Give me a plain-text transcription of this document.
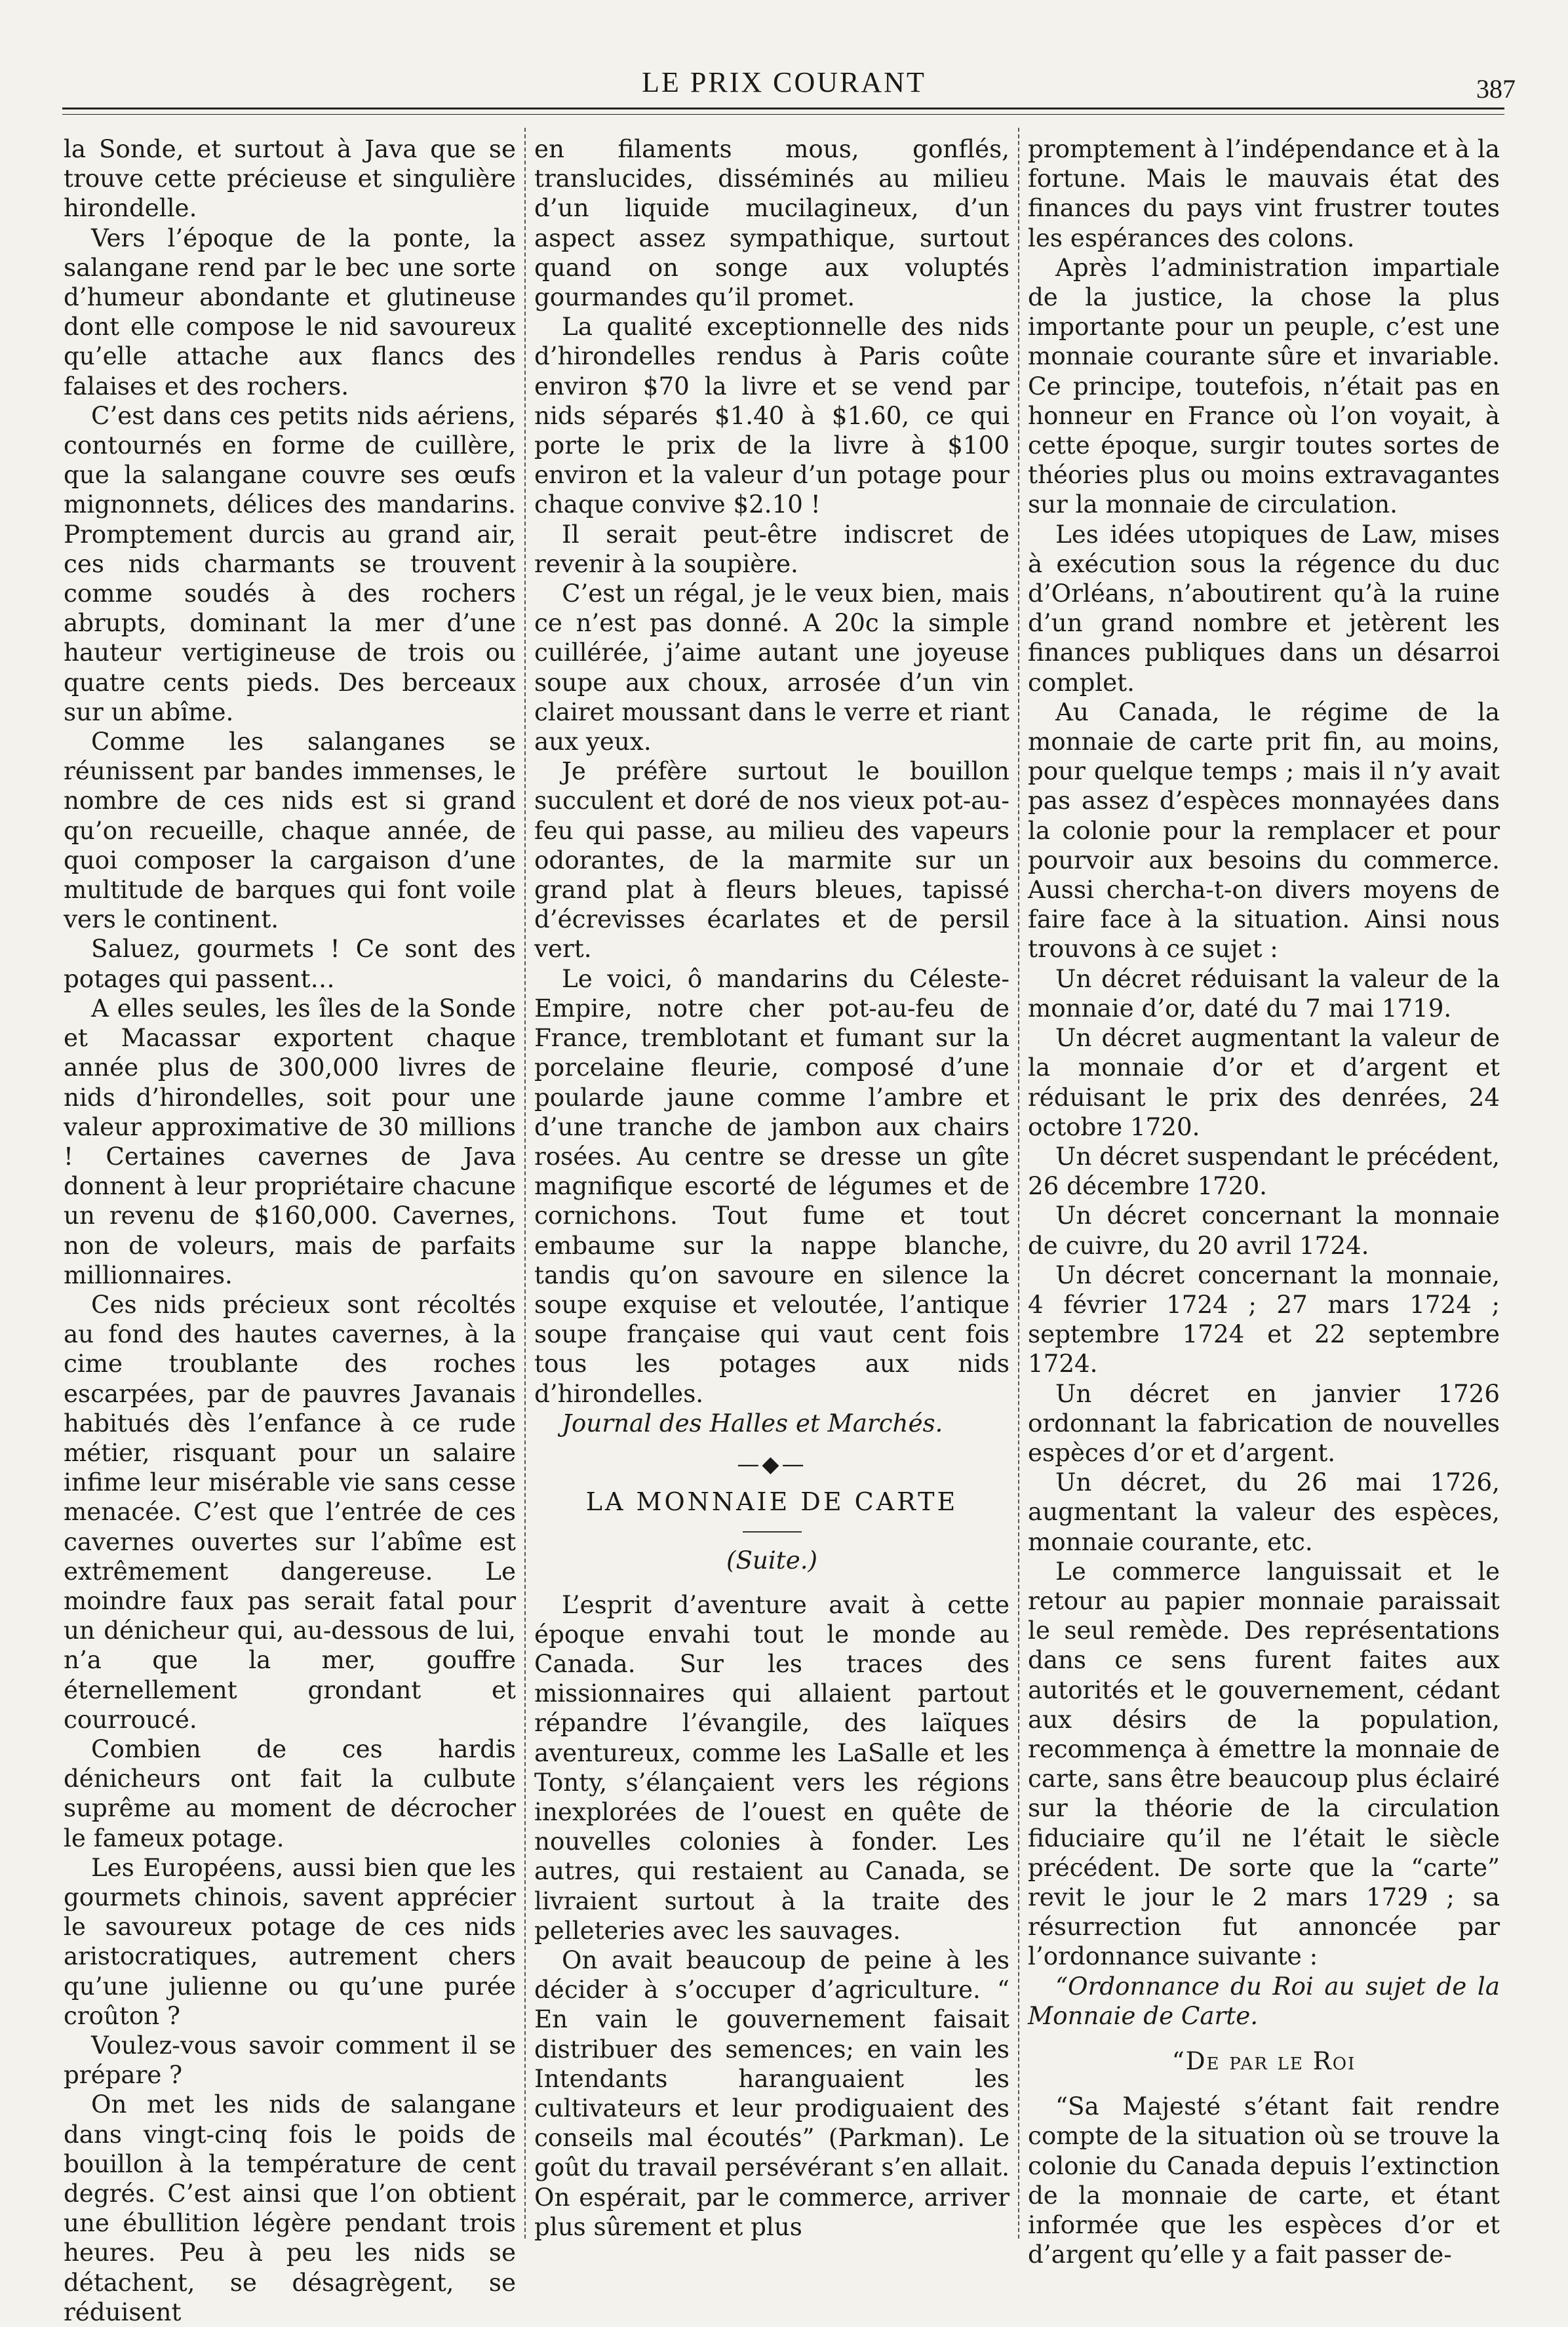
LE PRIX COURANT	387

la Sonde, et surtout à Java que se trouve cette précieuse et singulière hirondelle.

Vers l’époque de la ponte, la salangane rend par le bec une sorte d’humeur abondante et glutineuse dont elle compose le nid savoureux qu’elle attache aux flancs des falaises et des rochers.

C’est dans ces petits nids aériens, contournés en forme de cuillère, que la salangane couvre ses œufs mignonnets, délices des mandarins. Promptement durcis au grand air, ces nids charmants se trouvent comme soudés à des rochers abrupts, dominant la mer d’une hauteur vertigineuse de trois ou quatre cents pieds. Des berceaux sur un abîme.

Comme les salanganes se réunissent par bandes immenses, le nombre de ces nids est si grand qu’on recueille, chaque année, de quoi composer la cargaison d’une multitude de barques qui font voile vers le continent.

Saluez, gourmets ! Ce sont des potages qui passent…

A elles seules, les îles de la Sonde et Macassar exportent chaque année plus de 300,000 livres de nids d’hirondelles, soit pour une valeur approximative de 30 millions ! Certaines cavernes de Java donnent à leur propriétaire chacune un revenu de $160,000. Cavernes, non de voleurs, mais de parfaits millionnaires.

Ces nids précieux sont récoltés au fond des hautes cavernes, à la cime troublante des roches escarpées, par de pauvres Javanais habitués dès l’enfance à ce rude métier, risquant pour un salaire infime leur misérable vie sans cesse menacée. C’est que l’entrée de ces cavernes ouvertes sur l’abîme est extrêmement dangereuse. Le moindre faux pas serait fatal pour un dénicheur qui, au-dessous de lui, n’a que la mer, gouffre éternellement grondant et courroucé.

Combien de ces hardis dénicheurs ont fait la culbute suprême au moment de décrocher le fameux potage.

Les Européens, aussi bien que les gourmets chinois, savent apprécier le savoureux potage de ces nids aristocratiques, autrement chers qu’une julienne ou qu’une purée croûton ?

Voulez-vous savoir comment il se prépare ?

On met les nids de salangane dans vingt-cinq fois le poids de bouillon à la température de cent degrés. C’est ainsi que l’on obtient une ébullition légère pendant trois heures. Peu à peu les nids se détachent, se désagrègent, se réduisent

en filaments mous, gonflés, translucides, disséminés au milieu d’un liquide mucilagineux, d’un aspect assez sympathique, surtout quand on songe aux voluptés gourmandes qu’il promet.

La qualité exceptionnelle des nids d’hirondelles rendus à Paris coûte environ $70 la livre et se vend par nids séparés $1.40 à $1.60, ce qui porte le prix de la livre à $100 environ et la valeur d’un potage pour chaque convive $2.10 !

Il serait peut-être indiscret de revenir à la soupière.

C’est un régal, je le veux bien, mais ce n’est pas donné. A 20c la simple cuillérée, j’aime autant une joyeuse soupe aux choux, arrosée d’un vin clairet moussant dans le verre et riant aux yeux.

Je préfère surtout le bouillon succulent et doré de nos vieux pot-au-feu qui passe, au milieu des vapeurs odorantes, de la marmite sur un grand plat à fleurs bleues, tapissé d’écrevisses écarlates et de persil vert.

Le voici, ô mandarins du Céleste-Empire, notre cher pot-au-feu de France, tremblotant et fumant sur la porcelaine fleurie, composé d’une poularde jaune comme l’ambre et d’une tranche de jambon aux chairs rosées. Au centre se dresse un gîte magnifique escorté de légumes et de cornichons. Tout fume et tout embaume sur la nappe blanche, tandis qu’on savoure en silence la soupe exquise et veloutée, l’antique soupe française qui vaut cent fois tous les potages aux nids d’hirondelles.

Journal des Halles et Marchés.

—◆—
LA MONNAIE DE CARTE
(Suite.)

L’esprit d’aventure avait à cette époque envahi tout le monde au Canada. Sur les traces des missionnaires qui allaient partout répandre l’évangile, des laïques aventureux, comme les LaSalle et les Tonty, s’élançaient vers les régions inexplorées de l’ouest en quête de nouvelles colonies à fonder. Les autres, qui restaient au Canada, se livraient surtout à la traite des pelleteries avec les sauvages.

On avait beaucoup de peine à les décider à s’occuper d’agriculture. “ En vain le gouvernement faisait distribuer des semences; en vain les Intendants haranguaient les cultivateurs et leur prodiguaient des conseils mal écoutés” (Parkman). Le goût du travail persévérant s’en allait. On espérait, par le commerce, arriver plus sûrement et plus

promptement à l’indépendance et à la fortune. Mais le mauvais état des finances du pays vint frustrer toutes les espérances des colons.

Après l’administration impartiale de la justice, la chose la plus importante pour un peuple, c’est une monnaie courante sûre et invariable. Ce principe, toutefois, n’était pas en honneur en France où l’on voyait, à cette époque, surgir toutes sortes de théories plus ou moins extravagantes sur la monnaie de circulation.

Les idées utopiques de Law, mises à exécution sous la régence du duc d’Orléans, n’aboutirent qu’à la ruine d’un grand nombre et jetèrent les finances publiques dans un désarroi complet.

Au Canada, le régime de la monnaie de carte prit fin, au moins, pour quelque temps ; mais il n’y avait pas assez d’espèces monnayées dans la colonie pour la remplacer et pour pourvoir aux besoins du commerce. Aussi chercha-t-on divers moyens de faire face à la situation. Ainsi nous trouvons à ce sujet :

Un décret réduisant la valeur de la monnaie d’or, daté du 7 mai 1719.

Un décret augmentant la valeur de la monnaie d’or et d’argent et réduisant le prix des denrées, 24 octobre 1720.

Un décret suspendant le précédent, 26 décembre 1720.

Un décret concernant la monnaie de cuivre, du 20 avril 1724.

Un décret concernant la monnaie, 4 février 1724 ; 27 mars 1724 ; septembre 1724 et 22 septembre 1724.

Un décret en janvier 1726 ordonnant la fabrication de nouvelles espèces d’or et d’argent.

Un décret, du 26 mai 1726, augmentant la valeur des espèces, monnaie courante, etc.

Le commerce languissait et le retour au papier monnaie paraissait le seul remède. Des représentations dans ce sens furent faites aux autorités et le gouvernement, cédant aux désirs de la population, recommença à émettre la monnaie de carte, sans être beaucoup plus éclairé sur la théorie de la circulation fiduciaire qu’il ne l’était le siècle précédent. De sorte que la “carte” revit le jour le 2 mars 1729 ; sa résurrection fut annoncée par l’ordonnance suivante :

“Ordonnance du Roi au sujet de la Monnaie de Carte.

“De par le Roi

“Sa Majesté s’étant fait rendre compte de la situation où se trouve la colonie du Canada depuis l’extinction de la monnaie de carte, et étant informée que les espèces d’or et d’argent qu’elle y a fait passer de-
